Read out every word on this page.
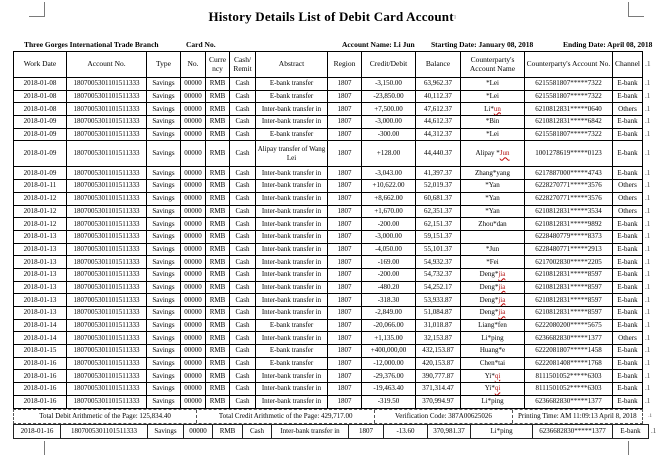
History Details List of Debit Card Account1
Three Gorges International Trade Branch	Card No.	Account Name: Li Jun Starting Date: January 08, 2018	Ending Date: April 08, 2018
Work Date	Account No.	Type	No.	Curre ncy	Cash/ Remit	Abstract	Region	Credit/Debit	Balance	Counterparty's Account Name	Counterparty's Account No.	Channel	.1
2018-01-08	1807005301101511333	Savings	00000	RMB	Cash	E-bank transfer	1807	-3,150.00	63,962.37	*Lei	6215581807*****7322	E-bank	.1
2018-01-08	1807005301101511333	Savings	00000	RMB	Cash	E-bank transfer	1807	-23,850.00	40,112.37	*Lei	6215581807*****7322	E-bank	.1
2018-01-08	1807005301101511333	Savings	00000	RMB	Cash	Inter-bank transfer in	1807	+7,500.00	47,612.37	Li*un	6210812831*****0640	Others	.1
2018-01-09	1807005301101511333	Savings	00000	RMB	Cash	Inter-bank transfer in	1807	-3,000.00	44,612.37	*Bin	6210812831*****6842	E-bank	.1
2018-01-09	1807005301101511333	Savings	00000	RMB	Cash	E-bank transfer	1807	-300.00	44,312.37	*Lei	6215581807*****7322	E-bank	.1
2018-01-09	1807005301101511333	Savings	00000	RMB	Cash	Alipay transfer of Wang Lei	1807	+128.00	44,440.37	Alipay *Jun	1001278619*****0123	E-bank	.1
2018-01-09	1807005301101511333	Savings	00000	RMB	Cash	Inter-bank transfer in	1807	-3,043.00	41,397.37	Zhang*yang	6217887000*****4743	E-bank	.1
2018-01-11	1807005301101511333	Savings	00000	RMB	Cash	Inter-bank transfer in	1807	+10,622.00	52,019.37	*Yan	6228270771*****3576	Others	.1
2018-01-12	1807005301101511333	Savings	00000	RMB	Cash	Inter-bank transfer in	1807	+8,662.00	60,681.37	*Yan	6228270771*****3576	Others	.1
2018-01-12	1807005301101511333	Savings	00000	RMB	Cash	Inter-bank transfer in	1807	+1,670.00	62,351.37	*Yan	6210812831*****3534	Others	.1
2018-01-12	1807005301101511333	Savings	00000	RMB	Cash	Inter-bank transfer in	1807	-200.00	62,151.37	Zhou*dan	6210812831*****9892	E-bank	.1
2018-01-13	1807005301101511333	Savings	00000	RMB	Cash	Inter-bank transfer in	1807	-3,000.00	59,151.37		6228480779*****8373	E-bank	.1
2018-01-13	1807005301101511333	Savings	00000	RMB	Cash	Inter-bank transfer in	1807	-4,050.00	55,101.37	*Jun	6228480771*****2913	E-bank	.1
2018-01-13	1807005301101511333	Savings	00000	RMB	Cash	Inter-bank transfer in	1807	-169.00	54,932.37	*Fei	6217002830*****2205	E-bank	.1
2018-01-13	1807005301101511333	Savings	00000	RMB	Cash	Inter-bank transfer in	1807	-200.00	54,732.37	Deng*jia	6210812831*****8597	E-bank	.1
2018-01-13	1807005301101511333	Savings	00000	RMB	Cash	Inter-bank transfer in	1807	-480.20	54,252.17	Deng*jia	6210812831*****8597	E-bank	.1
2018-01-13	1807005301101511333	Savings	00000	RMB	Cash	Inter-bank transfer in	1807	-318.30	53,933.87	Deng*jia	6210812831*****8597	E-bank	.1
2018-01-13	1807005301101511333	Savings	00000	RMB	Cash	Inter-bank transfer in	1807	-2,849.00	51,084.87	Deng*jia	6210812831*****8597	E-bank	.1
2018-01-14	1807005301101511333	Savings	00000	RMB	Cash	E-bank transfer	1807	-20,066.00	31,018.87	Liang*fen	6222080200*****5675	E-bank	.1
2018-01-14	1807005301101511333	Savings	00000	RMB	Cash	Inter-bank transfer in	1807	+1,135.00	32,153.87	Li*ping	6236682830*****1377	Others	.1
2018-01-15	1807005301101511333	Savings	00000	RMB	Cash	E-bank transfer	1807	+400,000,00	432,153.87	Huang*e	6222081807*****1458	E-bank	.1
2018-01-16	1807005301101511333	Savings	00000	RMB	Cash	E-bank transfer	1807	-12,000.00	420,153.87	Chen*tai	6222081408*****1768	E-bank	.1
2018-01-16	1807005301101511333	Savings	00000	RMB	Cash	Inter-bank transfer in	1807	-29,376.00	390,777.87	Yi*qi	8111501052*****6303	E-bank	.1
2018-01-16	1807005301101511333	Savings	00000	RMB	Cash	Inter-bank transfer in	1807	-19,463.40	371,314.47	Yi*qi	8111501052*****6303	E-bank	.1
2018-01-16	1807005301101511333	Savings	00000	RMB	Cash	Inter-bank transfer in	1807	-319.50	370,994.97	Li*ping	6236682830*****1377	E-bank	.1
Total Debit Arithmetic of the Page: 125,834.40	Total Credit Arithmetic of the Page: 429,717.00	Verification Code: 387A00625026	Printing Time: AM 11:09:13 April 8, 2018	.1
2018-01-16	1807005301101511333	Savings	00000	RMB	Cash	Inter-bank transfer in	1807	-13.60	370,981.37	Li*ping	6236682830*****1377	E-bank	.1
